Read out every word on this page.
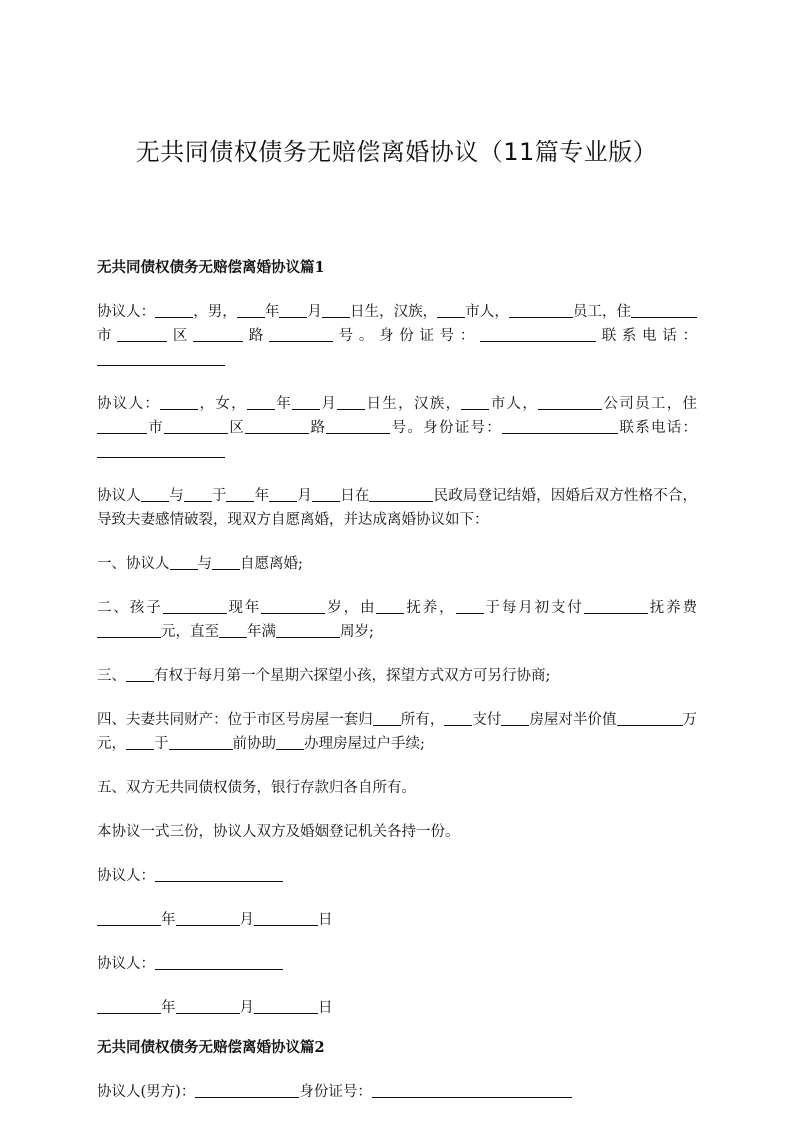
无共同债权债务无赔偿离婚协议（11篇专业版）
无共同债权债务无赔偿离婚协议篇1

协议人：	，男， 年 月 日生，汉族， 市人，	员工，住市	区	路	号。身份证号：	联系电话：

协议人：	，女， 年 月 日生，汉族， 市人，	公司员工，住市	区	路	号。身份证号：	联系电话：

协议人 与 于 年 月 日在	民政局登记结婚，因婚后双方性格不合，导致夫妻感情破裂，现双方自愿离婚，并达成离婚协议如下：

一、协议人 与 自愿离婚;

二、孩子	现年	岁，由 抚养， 于每月初支付	抚养费元，直至 年满	周岁;

三、 有权于每月第一个星期六探望小孩，探望方式双方可另行协商;

四、夫妻共同财产：位于市区号房屋一套归 所有， 支付 房屋对半价值	万元， 于	前协助 办理房屋过户手续;

五、双方无共同债权债务，银行存款归各自所有。

本协议一式三份，协议人双方及婚姻登记机关各持一份。

协议人：

年	月	日

协议人：

年	月	日

无共同债权债务无赔偿离婚协议篇2

协议人(男方)：	身份证号：
